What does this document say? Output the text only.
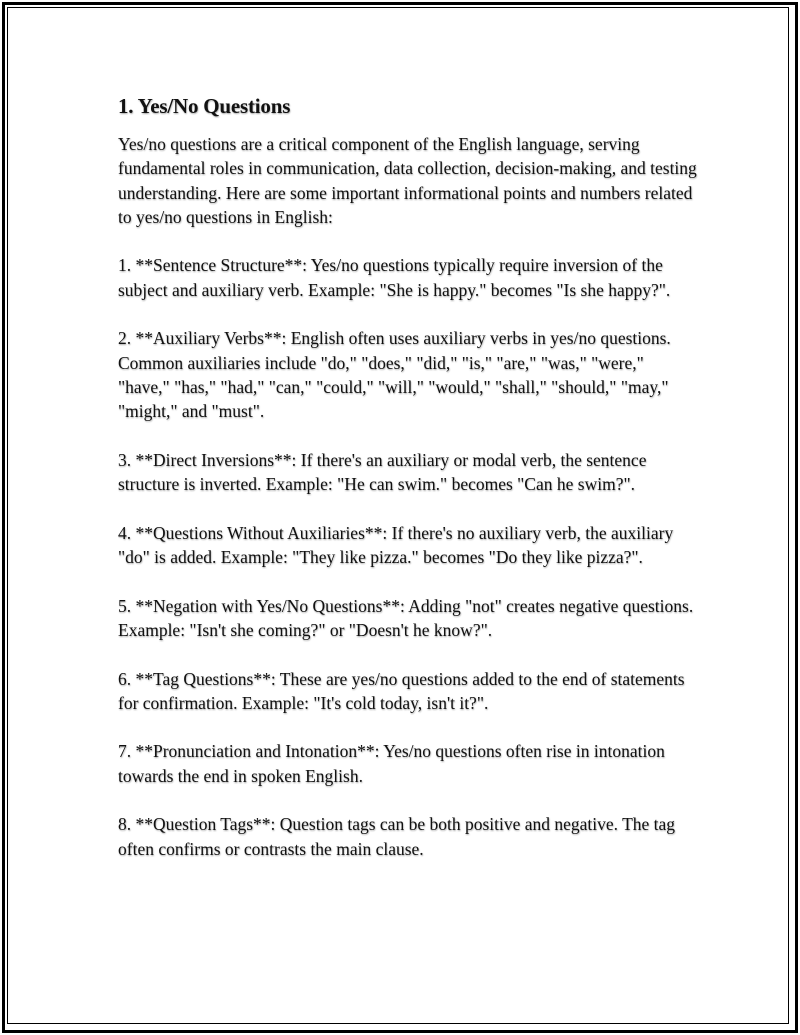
1. Yes/No Questions

Yes/no questions are a critical component of the English language, serving fundamental roles in communication, data collection, decision-making, and testing understanding. Here are some important informational points and numbers related to yes/no questions in English:

1. **Sentence Structure**: Yes/no questions typically require inversion of the subject and auxiliary verb. Example: "She is happy." becomes "Is she happy?".

2. **Auxiliary Verbs**: English often uses auxiliary verbs in yes/no questions. Common auxiliaries include "do," "does," "did," "is," "are," "was," "were," "have," "has," "had," "can," "could," "will," "would," "shall," "should," "may," "might," and "must".

3. **Direct Inversions**: If there's an auxiliary or modal verb, the sentence structure is inverted. Example: "He can swim." becomes "Can he swim?".

4. **Questions Without Auxiliaries**: If there's no auxiliary verb, the auxiliary "do" is added. Example: "They like pizza." becomes "Do they like pizza?".

5. **Negation with Yes/No Questions**: Adding "not" creates negative questions. Example: "Isn't she coming?" or "Doesn't he know?".

6. **Tag Questions**: These are yes/no questions added to the end of statements for confirmation. Example: "It's cold today, isn't it?".

7. **Pronunciation and Intonation**: Yes/no questions often rise in intonation towards the end in spoken English.

8. **Question Tags**: Question tags can be both positive and negative. The tag often confirms or contrasts the main clause.
